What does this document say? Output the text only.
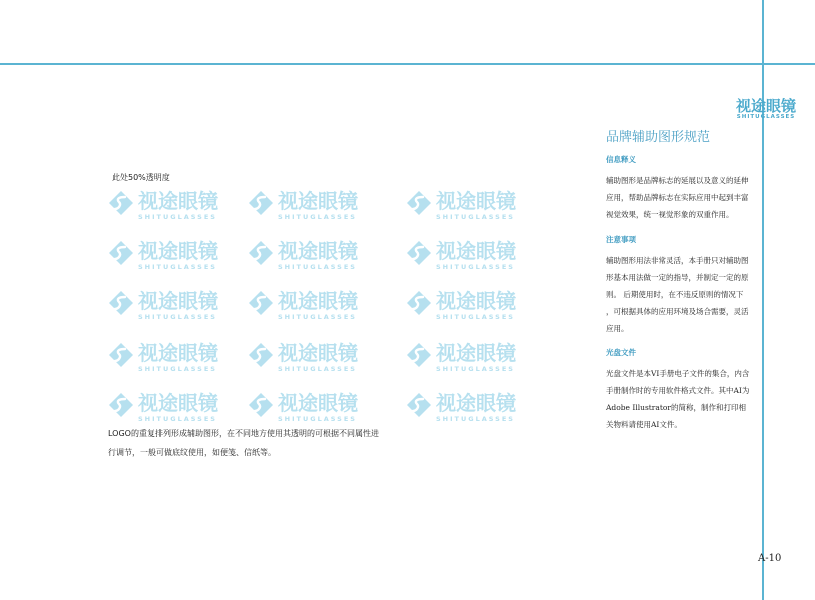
视途眼镜
SHITUGLASSES
品牌辅助图形规范
信息释义
辅助图形是品牌标志的延展以及意义的延伸
应用，帮助品牌标志在实际应用中起到丰富
视觉效果，统一视觉形象的双重作用。
注意事项
辅助图形用法非常灵活，本手册只对辅助图
形基本用法做一定的指导，并制定一定的原
则。 后期使用时，在不违反原则的情况下
，可根据具体的应用环境及场合需要，灵活
应用。
光盘文件
光盘文件是本VI手册电子文件的集合，内含
手册制作时的专用软件格式文件。其中AI为
Adobe Illustrator的简称，制作和打印相
关物料请使用AI文件。
此处50%透明度
视途眼镜
SHITUGLASSES
视途眼镜
SHITUGLASSES
视途眼镜
SHITUGLASSES
视途眼镜
SHITUGLASSES
视途眼镜
SHITUGLASSES
视途眼镜
SHITUGLASSES
视途眼镜
SHITUGLASSES
视途眼镜
SHITUGLASSES
视途眼镜
SHITUGLASSES
视途眼镜
SHITUGLASSES
视途眼镜
SHITUGLASSES
视途眼镜
SHITUGLASSES
视途眼镜
SHITUGLASSES
视途眼镜
SHITUGLASSES
视途眼镜
SHITUGLASSES
LOGO的重复排列形成辅助图形，在不同地方使用其透明的可根据不同属性进
行调节，一般可做底纹使用，如便笺、信纸等。
A-10
